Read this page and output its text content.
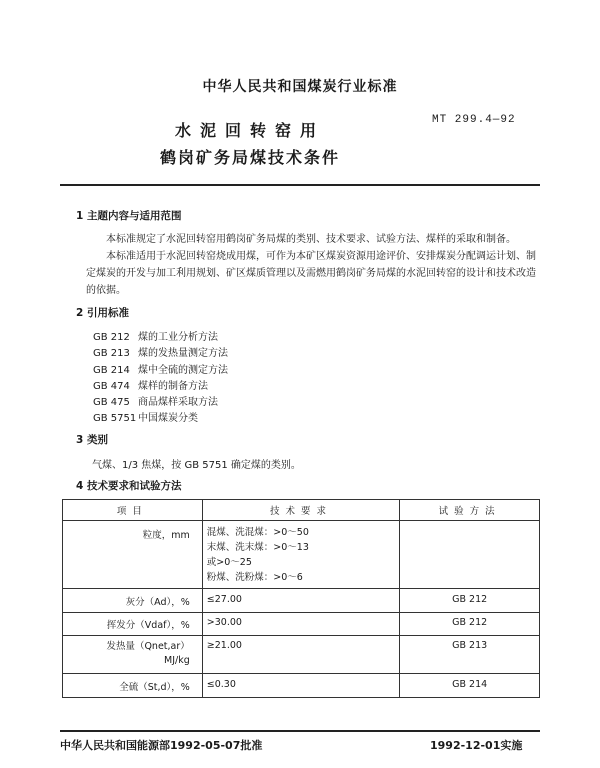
中华人民共和国煤炭行业标准
MT 299.4—92
水泥回转窑用
鹤岗矿务局煤技术条件
1 主题内容与适用范围

本标准规定了水泥回转窑用鹤岗矿务局煤的类别、技术要求、试验方法、煤样的采取和制备。

本标准适用于水泥回转窑烧成用煤，可作为本矿区煤炭资源用途评价、安排煤炭分配调运计划、制定煤炭的开发与加工利用规划、矿区煤质管理以及需燃用鹤岗矿务局煤的水泥回转窑的设计和技术改造的依据。

2 引用标准
GB 212 煤的工业分析方法
GB 213 煤的发热量测定方法
GB 214 煤中全硫的测定方法
GB 474 煤样的制备方法
GB 475 商品煤样采取方法
GB 5751 中国煤炭分类
3 类别
气煤、1/3 焦煤，按 GB 5751 确定煤的类别。
4 技术要求和试验方法
项目	技术要求	试验方法
粒度，mm	混煤、洗混煤：>0～50
末煤、洗末煤：>0～13
或>0～25
粉煤、洗粉煤：>0～6	

灰分（Ad），%	≤27.00	GB 212
挥发分（Vdaf），%	>30.00	GB 212

发热量（Qnet,ar）
MJ/kg	≥21.00	GB 213
全硫（St,d），%	≤0.30	GB 214
中华人民共和国能源部1992-05-07批准	1992-12-01实施
